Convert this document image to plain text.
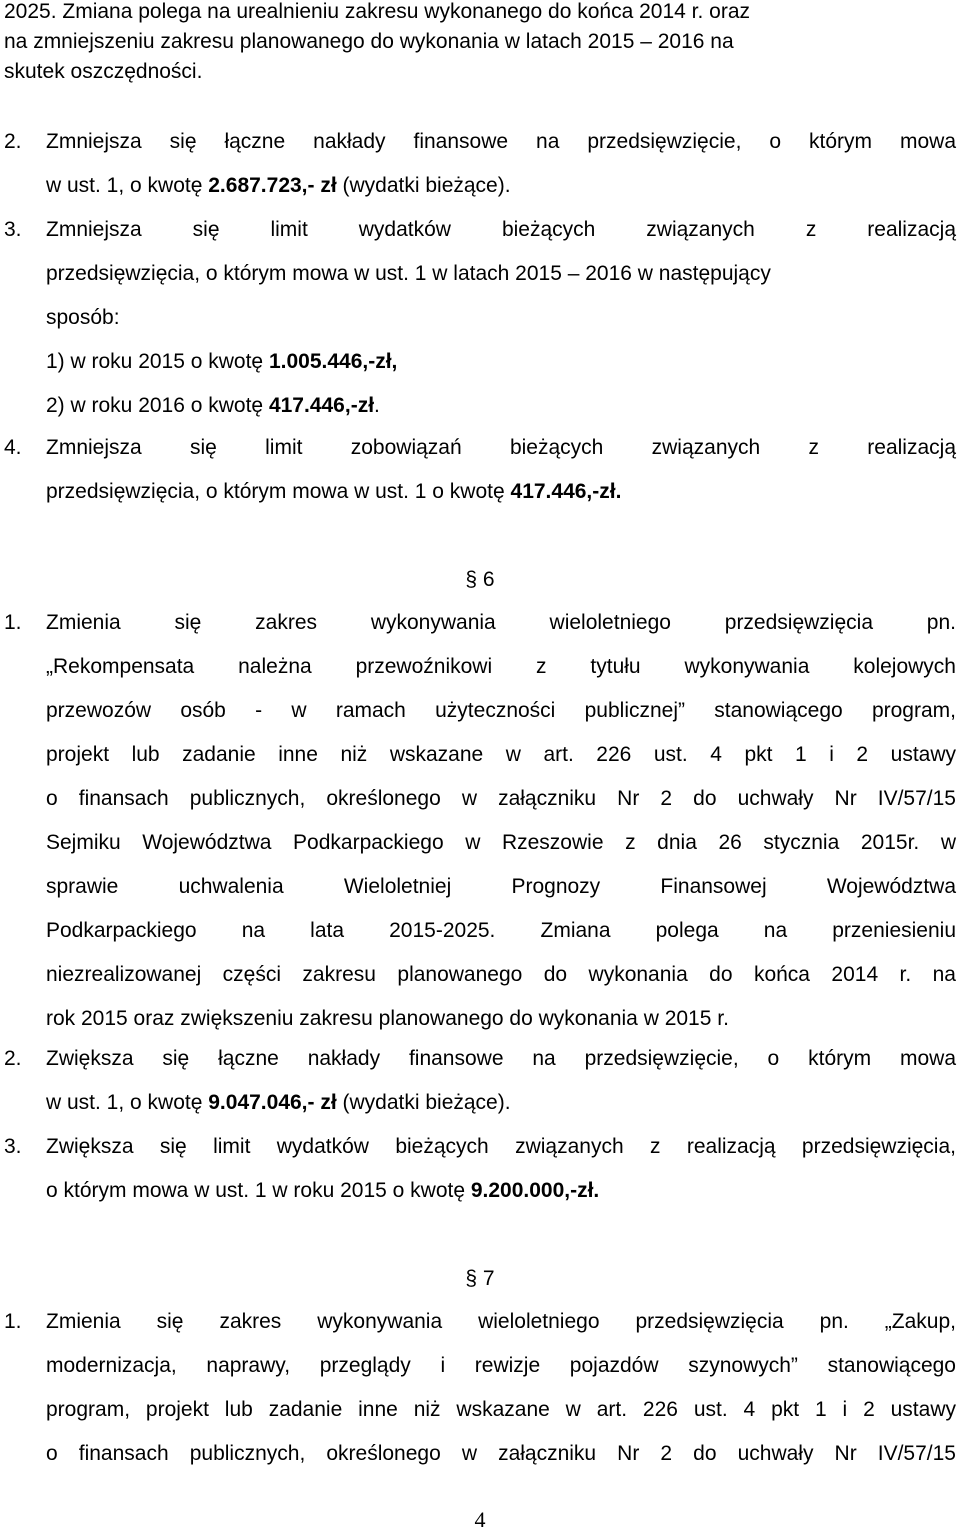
2025. Zmiana polega na urealnieniu zakresu wykonanego do końca 2014 r. oraz
na zmniejszeniu zakresu planowanego do wykonania w latach 2015 – 2016 na
skutek oszczędności.
2. Zmniejsza się łączne nakłady finansowe na przedsięwzięcie, o którym mowa
w ust. 1, o kwotę 2.687.723,- zł (wydatki bieżące).
3. Zmniejsza się limit wydatków bieżących związanych z realizacją
przedsięwzięcia, o którym mowa w ust. 1 w latach 2015 – 2016 w następujący
sposób:
1) w roku 2015 o kwotę 1.005.446,-zł,
2) w roku 2016 o kwotę 417.446,-zł.
4. Zmniejsza się limit zobowiązań bieżących związanych z realizacją
przedsięwzięcia, o którym mowa w ust. 1 o kwotę 417.446,-zł.
§ 6
1. Zmienia się zakres wykonywania wieloletniego przedsięwzięcia pn.
„Rekompensata należna przewoźnikowi z tytułu wykonywania kolejowych
przewozów osób - w ramach użyteczności publicznej” stanowiącego program,
projekt lub zadanie inne niż wskazane w art. 226 ust. 4 pkt 1 i 2 ustawy
o finansach publicznych, określonego w załączniku Nr 2 do uchwały Nr IV/57/15
Sejmiku Województwa Podkarpackiego w Rzeszowie z dnia 26 stycznia 2015r. w
sprawie uchwalenia Wieloletniej Prognozy Finansowej Województwa
Podkarpackiego na lata 2015-2025. Zmiana polega na przeniesieniu
niezrealizowanej części zakresu planowanego do wykonania do końca 2014 r. na
rok 2015 oraz zwiększeniu zakresu planowanego do wykonania w 2015 r.
2. Zwiększa się łączne nakłady finansowe na przedsięwzięcie, o którym mowa
w ust. 1, o kwotę 9.047.046,- zł (wydatki bieżące).
3. Zwiększa się limit wydatków bieżących związanych z realizacją przedsięwzięcia,
o którym mowa w ust. 1 w roku 2015 o kwotę 9.200.000,-zł.
§ 7
1. Zmienia się zakres wykonywania wieloletniego przedsięwzięcia pn. „Zakup,
modernizacja, naprawy, przeglądy i rewizje pojazdów szynowych” stanowiącego
program, projekt lub zadanie inne niż wskazane w art. 226 ust. 4 pkt 1 i 2 ustawy
o finansach publicznych, określonego w załączniku Nr 2 do uchwały Nr IV/57/15
4
